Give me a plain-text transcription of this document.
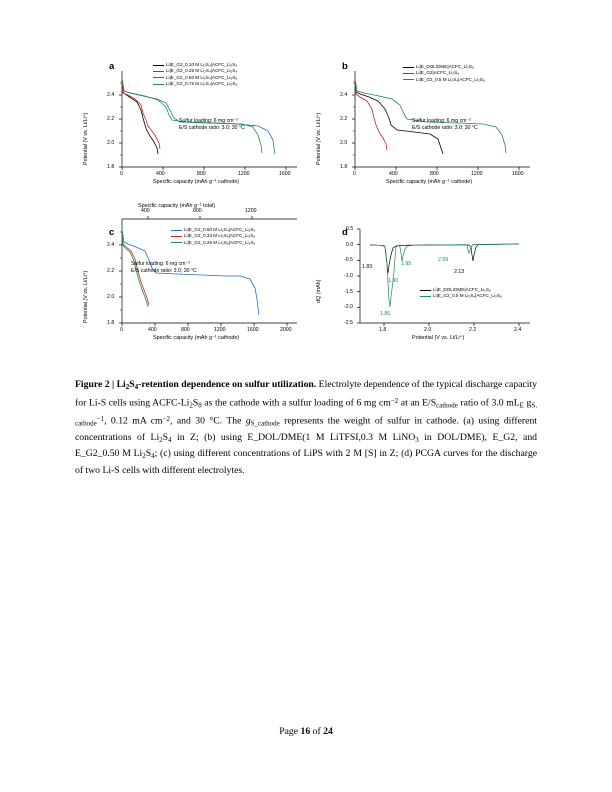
a
Potential (V vs. Li/Li⁺)
1.8
2.0
2.2
2.4
0	400	800	1200	1600
Specific capacity (mAh g⁻¹ cathode)
Li|E_G2_0.10 M Li₂S₄|ACFC_Li₂S₈
Li|E_G2_0.25 M Li₂S₄|ACFC_Li₂S₈
Li|E_G2_0.50 M Li₂S₄|ACFC_Li₂S₈
Li|E_G2_0.75 M Li₂S₄|ACFC_Li₂S₈
Sulfur loading: 6 mg cm⁻²
E/S cathode ratio: 3.0; 30 °C
b
Potential (V vs. Li/Li⁺)
1.8
2.0
2.2
2.4
0	400	800	1200	1600
Specific capacity (mAh g⁻¹ cathode)
Li|E_DOL/DME|ACFC_Li₂S₈
Li|E_G2|ACFC_Li₂S₈
Li|E_G2_0.5 M Li₂S₄|ACFC_Li₂S₈
Sulfur loading: 6 mg cm⁻²
E/S cathode ratio: 3.0; 30 °C
c
Specific capacity (mAh g⁻¹ total)
Potential (V vs. Li/Li⁺)
400	800	1200
1.8
2.0
2.2
2.4
0	400	800	1200	1600	2000
Specific capacity (mAh g⁻¹ cathode)
Li|E_G2_0.50 M Li₂S₄|ACFC_Li₂S₈
Li|E_G2_0.33 M Li₂S₆|ACFC_Li₂S₈
Li|E_G2_0.25 M Li₂S₈|ACFC_Li₂S₈
Sulfur loading: 6 mg cm⁻²
E/S cathode ratio: 3.0; 30 °C
d
dQ (mAh)
0.5
0.0
-0.5
-1.0
-1.5
-2.0
-2.5
1.8	2.0	2.2	2.4
Potential (V vs. Li/Li⁺)
Li|E_DOL/DME|ACFC_Li₂S₈
Li|E_G2_0.5 M Li₂S₄|ACFC_Li₂S₈
1.83
1.85
1.90
1.95
2.09
2.13
Figure 2 | $Li_2S_4$-retention dependence on sulfur utilization. Electrolyte dependence of the typical discharge capacity for Li-S cells using ACFC-$Li_2S_8$ as the cathode with a sulfur loading of 6 mg $cm^{-2}$ at an $E/S_{cathode}$ ratio of 3.0 $mL_E$ $g_{S, cathode}^{-1}$, 0.12 mA $cm^{-2}$, and 30 °C. The $g_{S\_cathode}$ represents the weight of sulfur in cathode. (a) using different concentrations of $Li_2S_4$ in Z; (b) using E_DOL/DME(1 M LiTFSI,0.3 M LiNO$_3$ in DOL/DME), E_G2, and E_G2_0.50 M $Li_2S_4$; (c) using different concentrations of LiPS with 2 M [S] in Z; (d) PCGA curves for the discharge of two Li-S cells with different electrolytes.
Page 16 of 24
